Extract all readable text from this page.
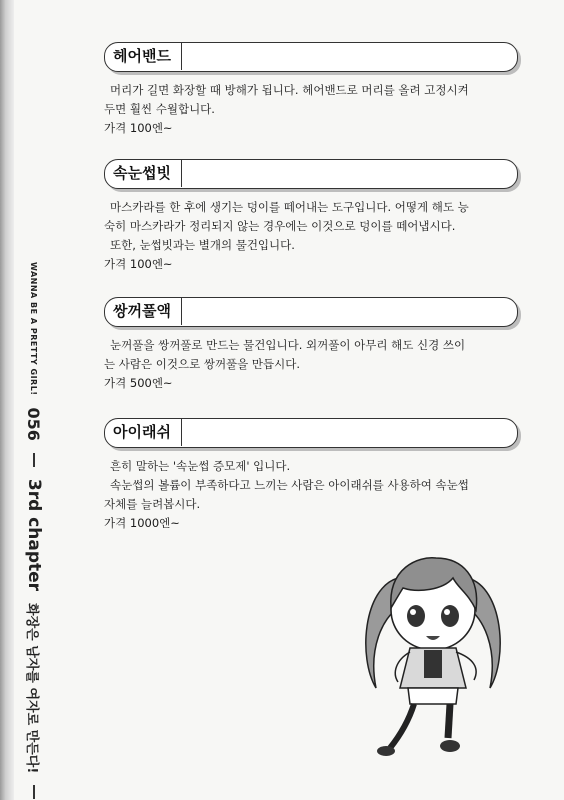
WANNA BE A PRETTY GIRL!
056
3rd chapter
화장은 남자를 여자로 만든다!
헤어밴드

머리가 길면 화장할 때 방해가 됩니다. 헤어밴드로 머리를 올려 고정시켜

두면 훨씬 수월합니다.

가격 100엔~

속눈썹빗

마스카라를 한 후에 생기는 덩이를 떼어내는 도구입니다. 어떻게 해도 능

숙히 마스카라가 정리되지 않는 경우에는 이것으로 덩이를 떼어냅시다.

또한, 눈썹빗과는 별개의 물건입니다.

가격 100엔~

쌍꺼풀액

눈꺼풀을 쌍꺼풀로 만드는 물건입니다. 외꺼풀이 아무리 해도 신경 쓰이

는 사람은 이것으로 쌍꺼풀을 만듭시다.

가격 500엔~

아이래쉬

흔히 말하는 '속눈썹 증모제' 입니다.

속눈썹의 볼륨이 부족하다고 느끼는 사람은 아이래쉬를 사용하여 속눈썹

자체를 늘려봅시다.

가격 1000엔~
